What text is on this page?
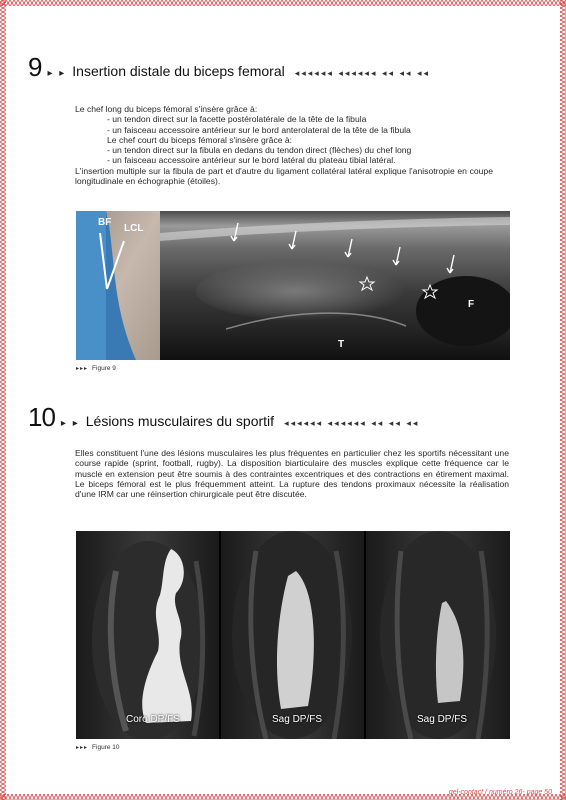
9 ▸ ▸ Insertion distale du biceps femoral ◂◂◂◂◂◂ ◂◂◂◂◂◂ ◂◂ ◂◂ ◂◂

Le chef long du biceps fémoral s'insère grâce à:

- un tendon direct sur la facette postérolatérale de la tête de la fibula

- un faisceau accessoire antérieur sur le bord anterolateral de la tête de la fibula

Le chef court du biceps fémoral s'insère grâce à:

- un tendon direct sur la fibula en dedans du tendon direct (flèches) du chef long

- un faisceau accessoire antérieur sur le bord latéral du plateau tibial latéral.

L'insertion multiple sur la fibula de part et d'autre du ligament collatéral latéral explique l'anisotropie en coupe longitudinale en échographie (étoiles).

BF
LCL
T
F
▸▸▸ Figure 9
10 ▸ ▸ Lésions musculaires du sportif ◂◂◂◂◂◂ ◂◂◂◂◂◂ ◂◂ ◂◂ ◂◂
Elles constituent l'une des lésions musculaires les plus fréquentes en particulier chez les sportifs nécessitant une course rapide (sprint, football, rugby). La disposition biarticulaire des muscles explique cette fréquence car le muscle en extension peut être soumis à des contraintes excentriques et des contractions en étirement maximal. Le biceps fémoral est le plus fréquemment atteint. La rupture des tendons proximaux nécessite la réalisation d'une IRM car une réinsertion chirurgicale peut être discutée.
Coro DP/FS	Sag DP/FS	Sag DP/FS
▸▸▸ Figure 10
gel-contact / numéro 26- page 50
